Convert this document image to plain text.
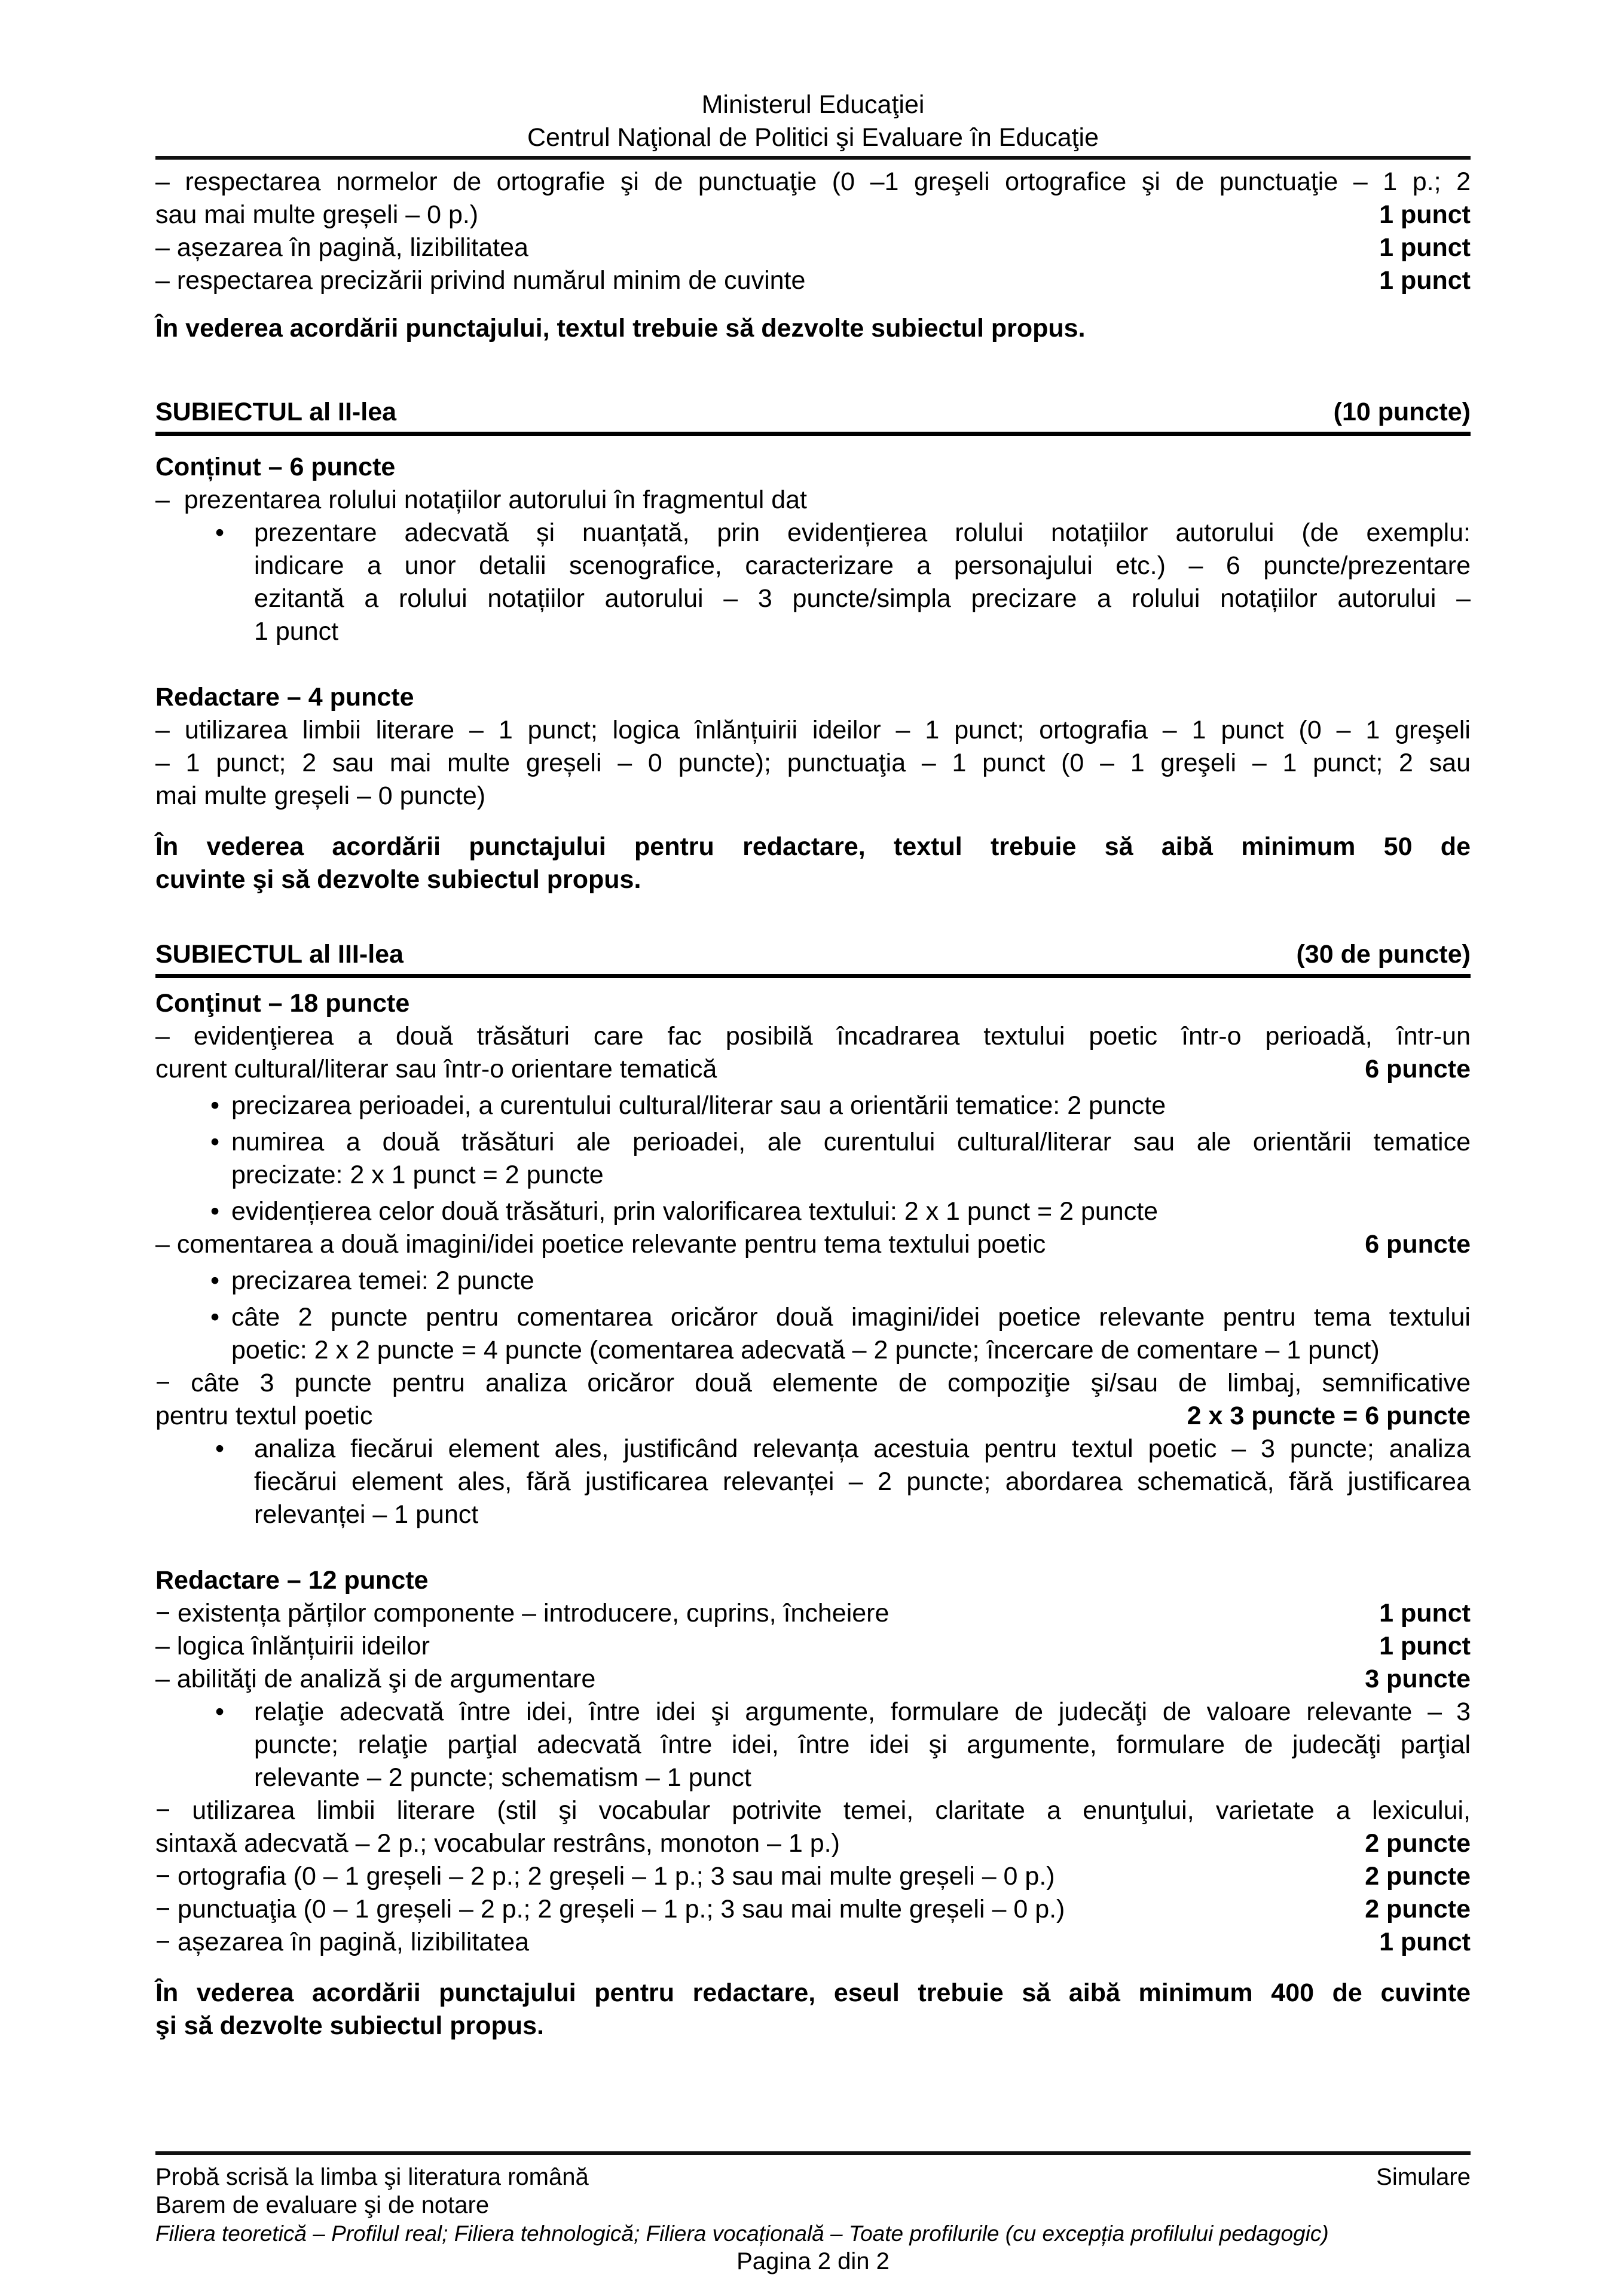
Ministerul Educaţiei
Centrul Naţional de Politici şi Evaluare în Educaţie
– respectarea normelor de ortografie şi de punctuaţie (0 –1 greşeli ortografice şi de punctuaţie – 1 p.; 2
sau mai multe greșeli – 0 p.)	1 punct
– așezarea în pagină, lizibilitatea	1 punct
– respectarea precizării privind numărul minim de cuvinte	1 punct
În vederea acordării punctajului, textul trebuie să dezvolte subiectul propus.
SUBIECTUL al II-lea	(10 puncte)
Conținut – 6 puncte
–  prezentarea rolului notațiilor autorului în fragmentul dat
• prezentare adecvată și nuanțată, prin evidențierea rolului notațiilor autorului (de exemplu:
indicare a unor detalii scenografice, caracterizare a personajului etc.) – 6 puncte/prezentare
ezitantă a rolului notațiilor autorului – 3 puncte/simpla precizare a rolului notațiilor autorului –
1 punct
Redactare – 4 puncte
– utilizarea limbii literare – 1 punct; logica înlănțuirii ideilor – 1 punct; ortografia – 1 punct (0 – 1 greşeli
– 1 punct; 2 sau mai multe greșeli – 0 puncte); punctuaţia – 1 punct (0 – 1 greşeli – 1 punct; 2 sau
mai multe greșeli – 0 puncte)
În vederea acordării punctajului pentru redactare, textul trebuie să aibă minimum 50 de
cuvinte şi să dezvolte subiectul propus.
SUBIECTUL al III-lea	(30 de puncte)
Conţinut – 18 puncte
– evidenţierea a două trăsături care fac posibilă încadrarea textului poetic într-o perioadă, într-un
curent cultural/literar sau într-o orientare tematică	6 puncte
• precizarea perioadei, a curentului cultural/literar sau a orientării tematice: 2 puncte
• numirea a două trăsături ale perioadei, ale curentului cultural/literar sau ale orientării tematice
precizate: 2 x 1 punct = 2 puncte
• evidențierea celor două trăsături, prin valorificarea textului: 2 x 1 punct = 2 puncte
– comentarea a două imagini/idei poetice relevante pentru tema textului poetic	6 puncte
• precizarea temei: 2 puncte
• câte 2 puncte pentru comentarea oricăror două imagini/idei poetice relevante pentru tema textului
poetic: 2 x 2 puncte = 4 puncte (comentarea adecvată – 2 puncte; încercare de comentare – 1 punct)
− câte 3 puncte pentru analiza oricăror două elemente de compoziţie şi/sau de limbaj, semnificative
pentru textul poetic	2 x 3 puncte = 6 puncte
• analiza fiecărui element ales, justificând relevanța acestuia pentru textul poetic – 3 puncte; analiza
fiecărui element ales, fără justificarea relevanței – 2 puncte; abordarea schematică, fără justificarea
relevanței – 1 punct
Redactare – 12 puncte
− existența părților componente – introducere, cuprins, încheiere	1 punct
– logica înlănțuirii ideilor	1 punct
– abilităţi de analiză şi de argumentare	3 puncte
• relaţie adecvată între idei, între idei şi argumente, formulare de judecăţi de valoare relevante – 3
puncte; relaţie parţial adecvată între idei, între idei şi argumente, formulare de judecăţi parţial
relevante – 2 puncte; schematism – 1 punct
− utilizarea limbii literare (stil şi vocabular potrivite temei, claritate a enunţului, varietate a lexicului,
sintaxă adecvată – 2 p.; vocabular restrâns, monoton – 1 p.)	2 puncte
− ortografia (0 – 1 greșeli – 2 p.; 2 greșeli – 1 p.; 3 sau mai multe greșeli – 0 p.)	2 puncte
− punctuaţia (0 – 1 greșeli – 2 p.; 2 greșeli – 1 p.; 3 sau mai multe greșeli – 0 p.)	2 puncte
− așezarea în pagină, lizibilitatea	1 punct
În vederea acordării punctajului pentru redactare, eseul trebuie să aibă minimum 400 de cuvinte
şi să dezvolte subiectul propus.
Probă scrisă la limba şi literatura română	Simulare
Barem de evaluare şi de notare
Filiera teoretică – Profilul real; Filiera tehnologică; Filiera vocațională – Toate profilurile (cu excepția profilului pedagogic)
Pagina 2 din 2
